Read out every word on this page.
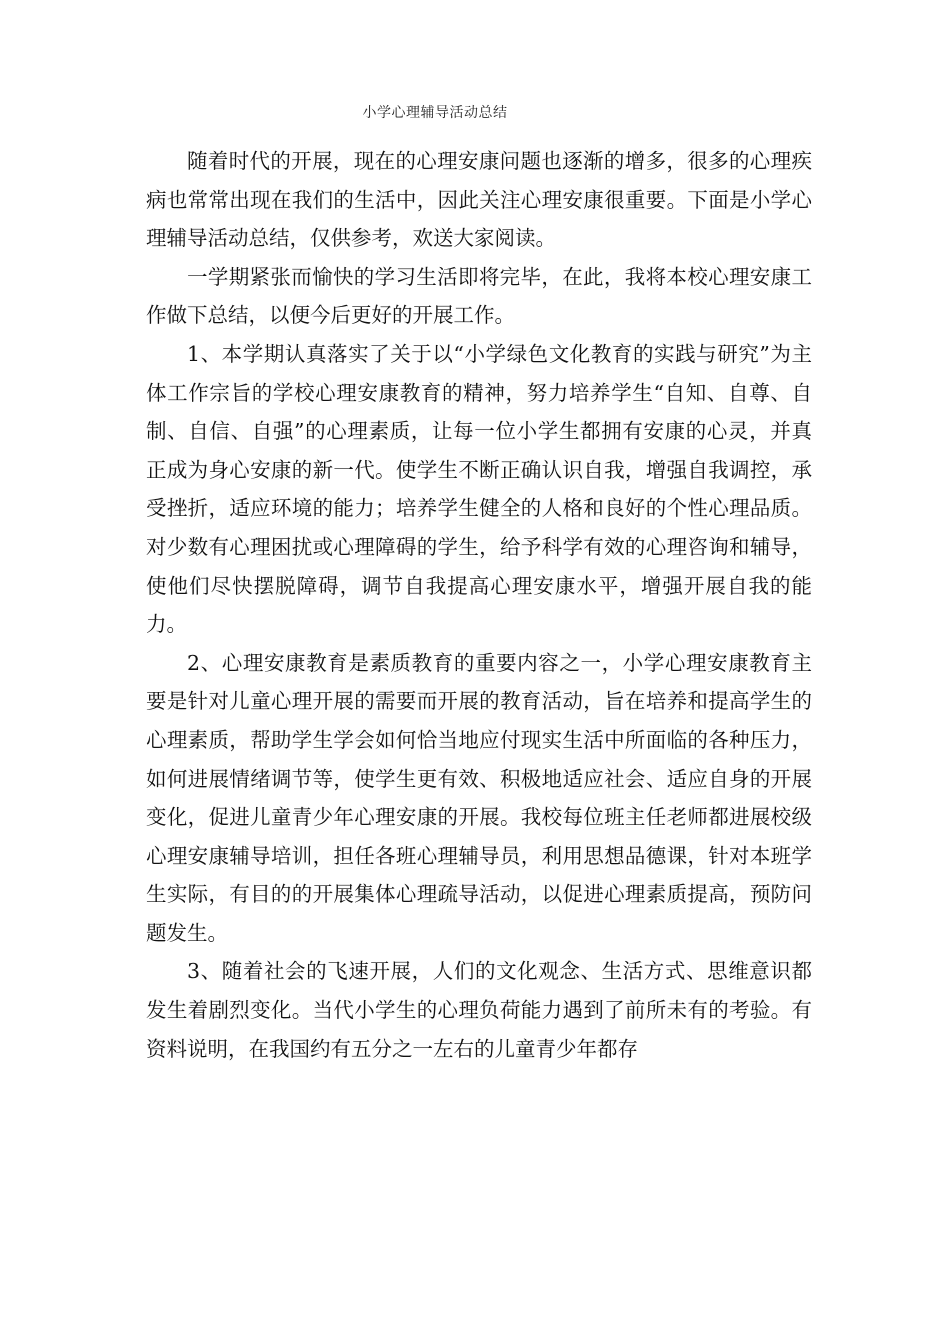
小学心理辅导活动总结

随着时代的开展，现在的心理安康问题也逐渐的增多，很多的心理疾病也常常出现在我们的生活中，因此关注心理安康很重要。下面是小学心理辅导活动总结，仅供参考，欢送大家阅读。

一学期紧张而愉快的学习生活即将完毕，在此，我将本校心理安康工作做下总结，以便今后更好的开展工作。

1、本学期认真落实了关于以“小学绿色文化教育的实践与研究”为主体工作宗旨的学校心理安康教育的精神，努力培养学生“自知、自尊、自制、自信、自强”的心理素质，让每一位小学生都拥有安康的心灵，并真正成为身心安康的新一代。使学生不断正确认识自我，增强自我调控，承受挫折，适应环境的能力；培养学生健全的人格和良好的个性心理品质。对少数有心理困扰或心理障碍的学生，给予科学有效的心理咨询和辅导，使他们尽快摆脱障碍，调节自我提高心理安康水平，增强开展自我的能力。

2、心理安康教育是素质教育的重要内容之一，小学心理安康教育主要是针对儿童心理开展的需要而开展的教育活动，旨在培养和提高学生的心理素质，帮助学生学会如何恰当地应付现实生活中所面临的各种压力，如何进展情绪调节等，使学生更有效、积极地适应社会、适应自身的开展变化，促进儿童青少年心理安康的开展。我校每位班主任老师都进展校级心理安康辅导培训，担任各班心理辅导员，利用思想品德课，针对本班学生实际，有目的的开展集体心理疏导活动，以促进心理素质提高，预防问题发生。

3、随着社会的飞速开展，人们的文化观念、生活方式、思维意识都发生着剧烈变化。当代小学生的心理负荷能力遇到了前所未有的考验。有资料说明，在我国约有五分之一左右的儿童青少年都存
